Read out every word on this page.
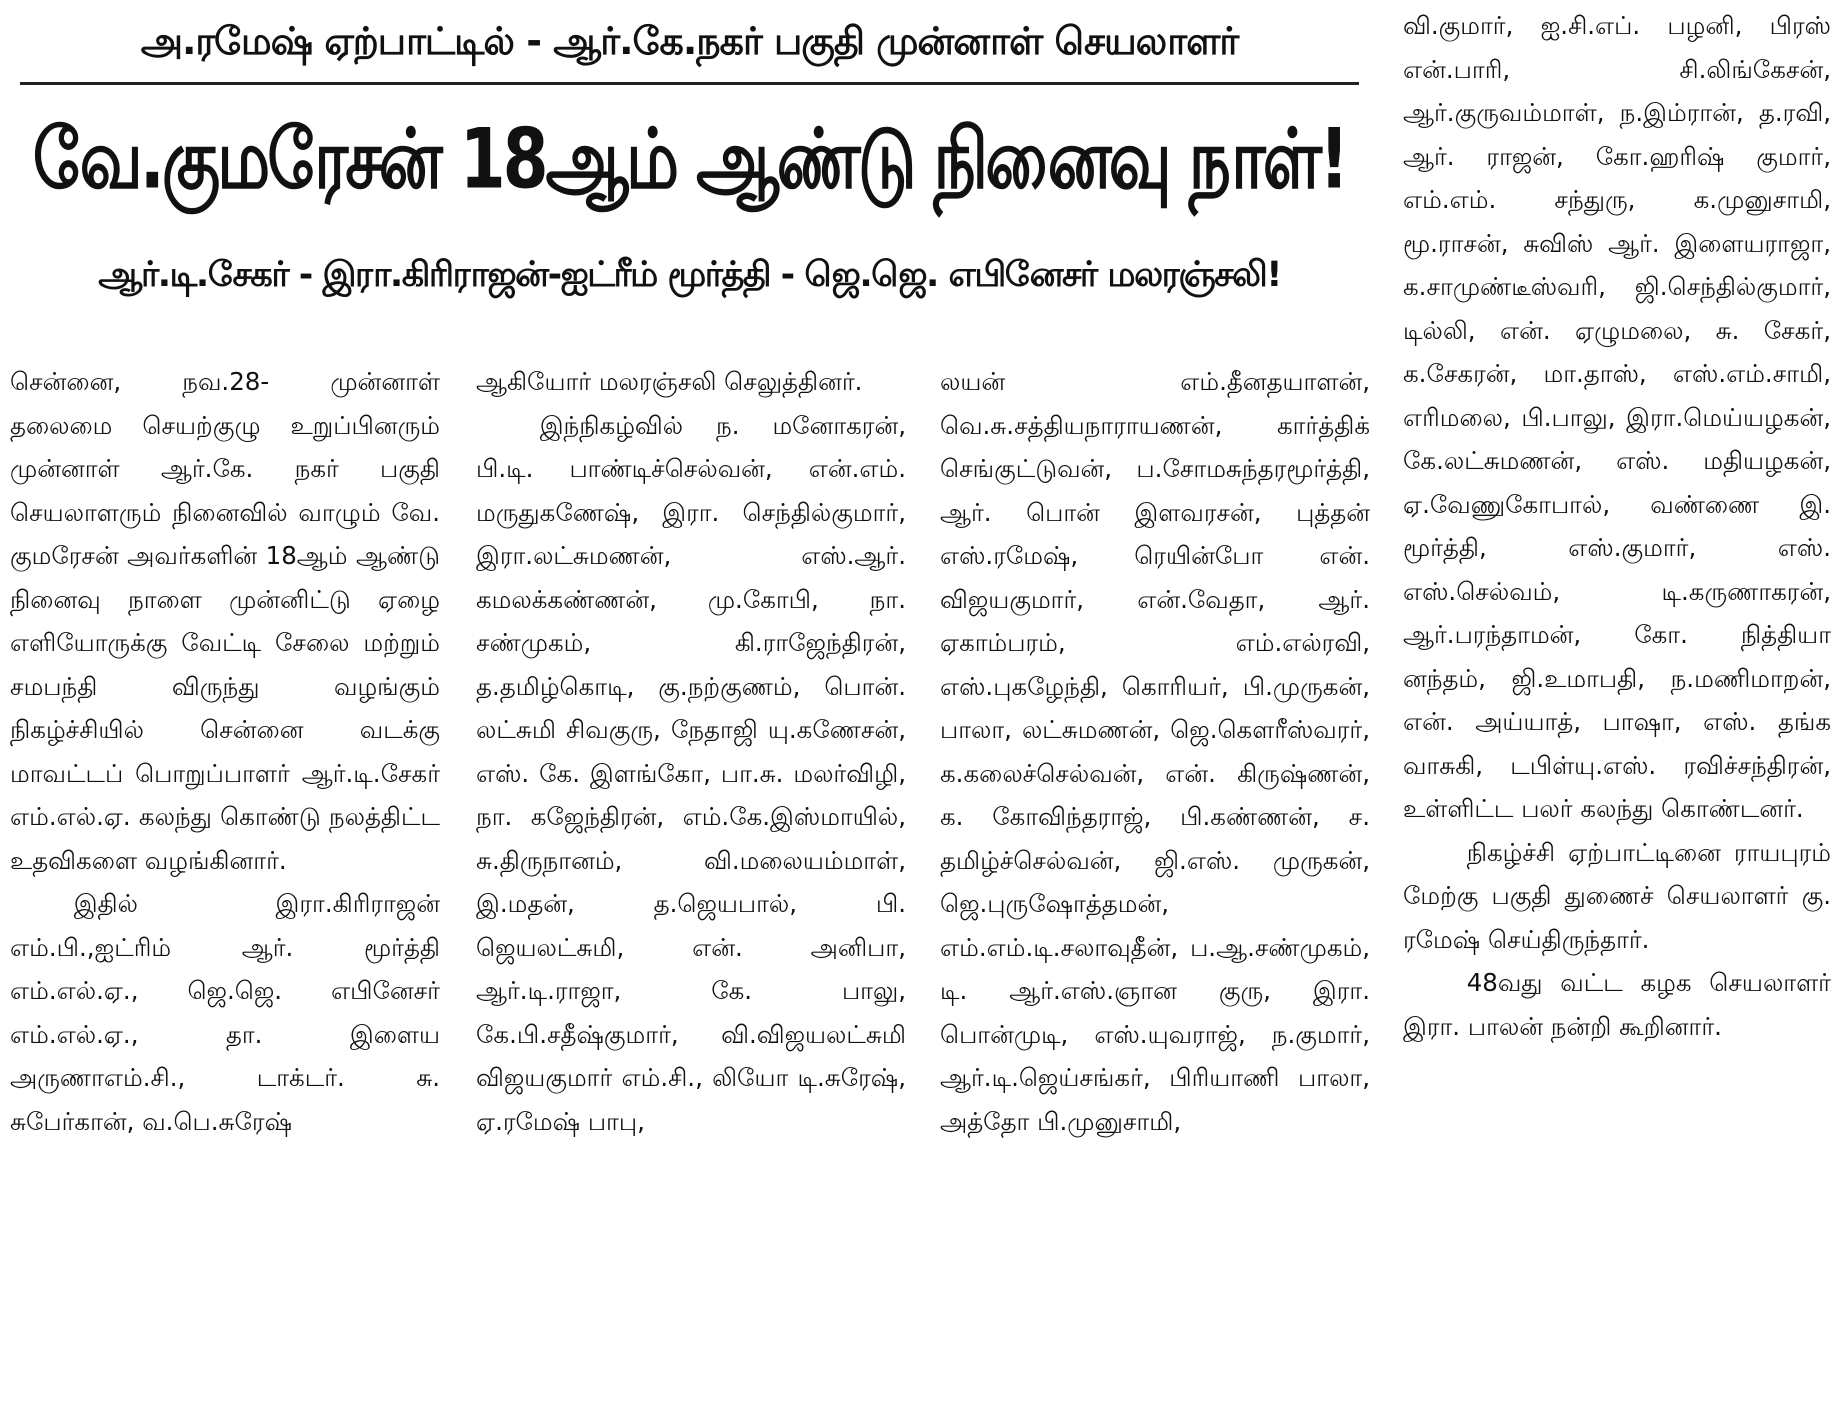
அ.ரமேஷ் ஏற்பாட்டில் - ஆர்.கே.நகர் பகுதி முன்னாள் செயலாளர்
வே.குமரேசன் 18ஆம் ஆண்டு நினைவு நாள்!
ஆர்.டி.சேகர் - இரா.கிரிராஜன்-ஐட்ரீம் மூர்த்தி - ஜெ.ஜெ. எபினேசர் மலரஞ்சலி!

சென்னை, நவ.28- முன்னாள் தலைமை செயற்குழு உறுப்பினரும் முன்னாள் ஆர்.கே. நகர் பகுதி செயலாளரும் நினைவில் வாழும் வே. குமரேசன் அவர்களின் 18ஆம் ஆண்டு நினைவு நாளை முன்னிட்டு ஏழை எளியோருக்கு வேட்டி சேலை மற்றும் சமபந்தி விருந்து வழங்கும் நிகழ்ச்சியில் சென்னை வடக்கு மாவட்டப் பொறுப்பாளர் ஆர்.டி.சேகர் எம்.எல்.ஏ. கலந்து கொண்டு நலத்திட்ட உதவிகளை வழங்கினார்.

இதில் இரா.கிரிராஜன் எம்.பி.,ஐட்ரிம் ஆர். மூர்த்தி எம்.எல்.ஏ., ஜெ.ஜெ. எபினேசர் எம்.எல்.ஏ., தா. இளைய அருணாஎம்.சி., டாக்டர். சு. சுபேர்கான், வ.பெ.சுரேஷ்

ஆகியோர் மலரஞ்சலி செலுத்தினர்.

இந்நிகழ்வில் ந. மனோகரன், பி.டி. பாண்டிச்செல்வன், என்.எம். மருதுகணேஷ், இரா. செந்தில்குமார், இரா.லட்சுமணன், எஸ்.ஆர். கமலக்கண்ணன், மு.கோபி, நா. சண்முகம், கி.ராஜேந்திரன், த.தமிழ்கொடி, கு.நற்குணம், பொன். லட்சுமி சிவகுரு, நேதாஜி யு.கணேசன், எஸ். கே. இளங்கோ, பா.சு. மலர்விழி, நா. கஜேந்திரன், எம்.கே.இஸ்மாயில், சு.திருநானம், வி.மலையம்மாள், இ.மதன், த.ஜெயபால், பி. ஜெயலட்சுமி, என். அனிபா, ஆர்.டி.ராஜா, கே. பாலு, கே.பி.சதீஷ்குமார், வி.விஜயலட்சுமி விஜயகுமார் எம்.சி., லியோ டி.சுரேஷ், ஏ.ரமேஷ் பாபு,

லயன் எம்.தீனதயாளன், வெ.சு.சத்தியநாராயணன், கார்த்திக் செங்குட்டுவன், ப.சோமசுந்தரமூர்த்தி, ஆர். பொன் இளவரசன், புத்தன் எஸ்.ரமேஷ், ரெயின்போ என். விஜயகுமார், என்.வேதா, ஆர். ஏகாம்பரம், எம்.எல்ரவி, எஸ்.புகழேந்தி, கொரியர், பி.முருகன், பாலா, லட்சுமணன், ஜெ.கௌரீஸ்வரர், க.கலைச்செல்வன், என். கிருஷ்ணன், க. கோவிந்தராஜ், பி.கண்ணன், ச. தமிழ்ச்செல்வன், ஜி.எஸ். முருகன், ஜெ.புருஷோத்தமன், எம்.எம்.டி.சலாவுதீன், ப.ஆ.சண்முகம், டி. ஆர்.எஸ்.ஞான குரு, இரா. பொன்முடி, எஸ்.யுவராஜ், ந.குமார், ஆர்.டி.ஜெய்சங்கர், பிரியாணி பாலா, அத்தோ பி.முனுசாமி,

வி.குமார், ஐ.சி.எப். பழனி, பிரஸ் என்.பாரி, சி.லிங்கேசன், ஆர்.குருவம்மாள், ந.இம்ரான், த.ரவி, ஆர். ராஜன், கோ.ஹரிஷ் குமார், எம்.எம். சந்துரு, க.முனுசாமி, மூ.ராசன், சுவிஸ் ஆர். இளையராஜா, க.சாமுண்டீஸ்வரி, ஜி.செந்தில்குமார், டில்லி, என். ஏழுமலை, சு. சேகர், க.சேகரன், மா.தாஸ், எஸ்.எம்.சாமி, எரிமலை, பி.பாலு, இரா.மெய்யழகன், கே.லட்சுமணன், எஸ். மதியழகன், ஏ.வேணுகோபால், வண்ணை இ. மூர்த்தி, எஸ்.குமார், எஸ். எஸ்.செல்வம், டி.கருணாகரன், ஆர்.பரந்தாமன், கோ. நித்தியா னந்தம், ஜி.உமாபதி, ந.மணிமாறன், என். அய்யாத், பாஷா, எஸ். தங்க வாசுகி, டபிள்யு.எஸ். ரவிச்சந்திரன், உள்ளிட்ட பலர் கலந்து கொண்டனர்.

நிகழ்ச்சி ஏற்பாட்டினை ராயபுரம் மேற்கு பகுதி துணைச் செயலாளர் கு. ரமேஷ் செய்திருந்தார்.

48வது வட்ட கழக செயலாளர் இரா. பாலன் நன்றி கூறினார்.
